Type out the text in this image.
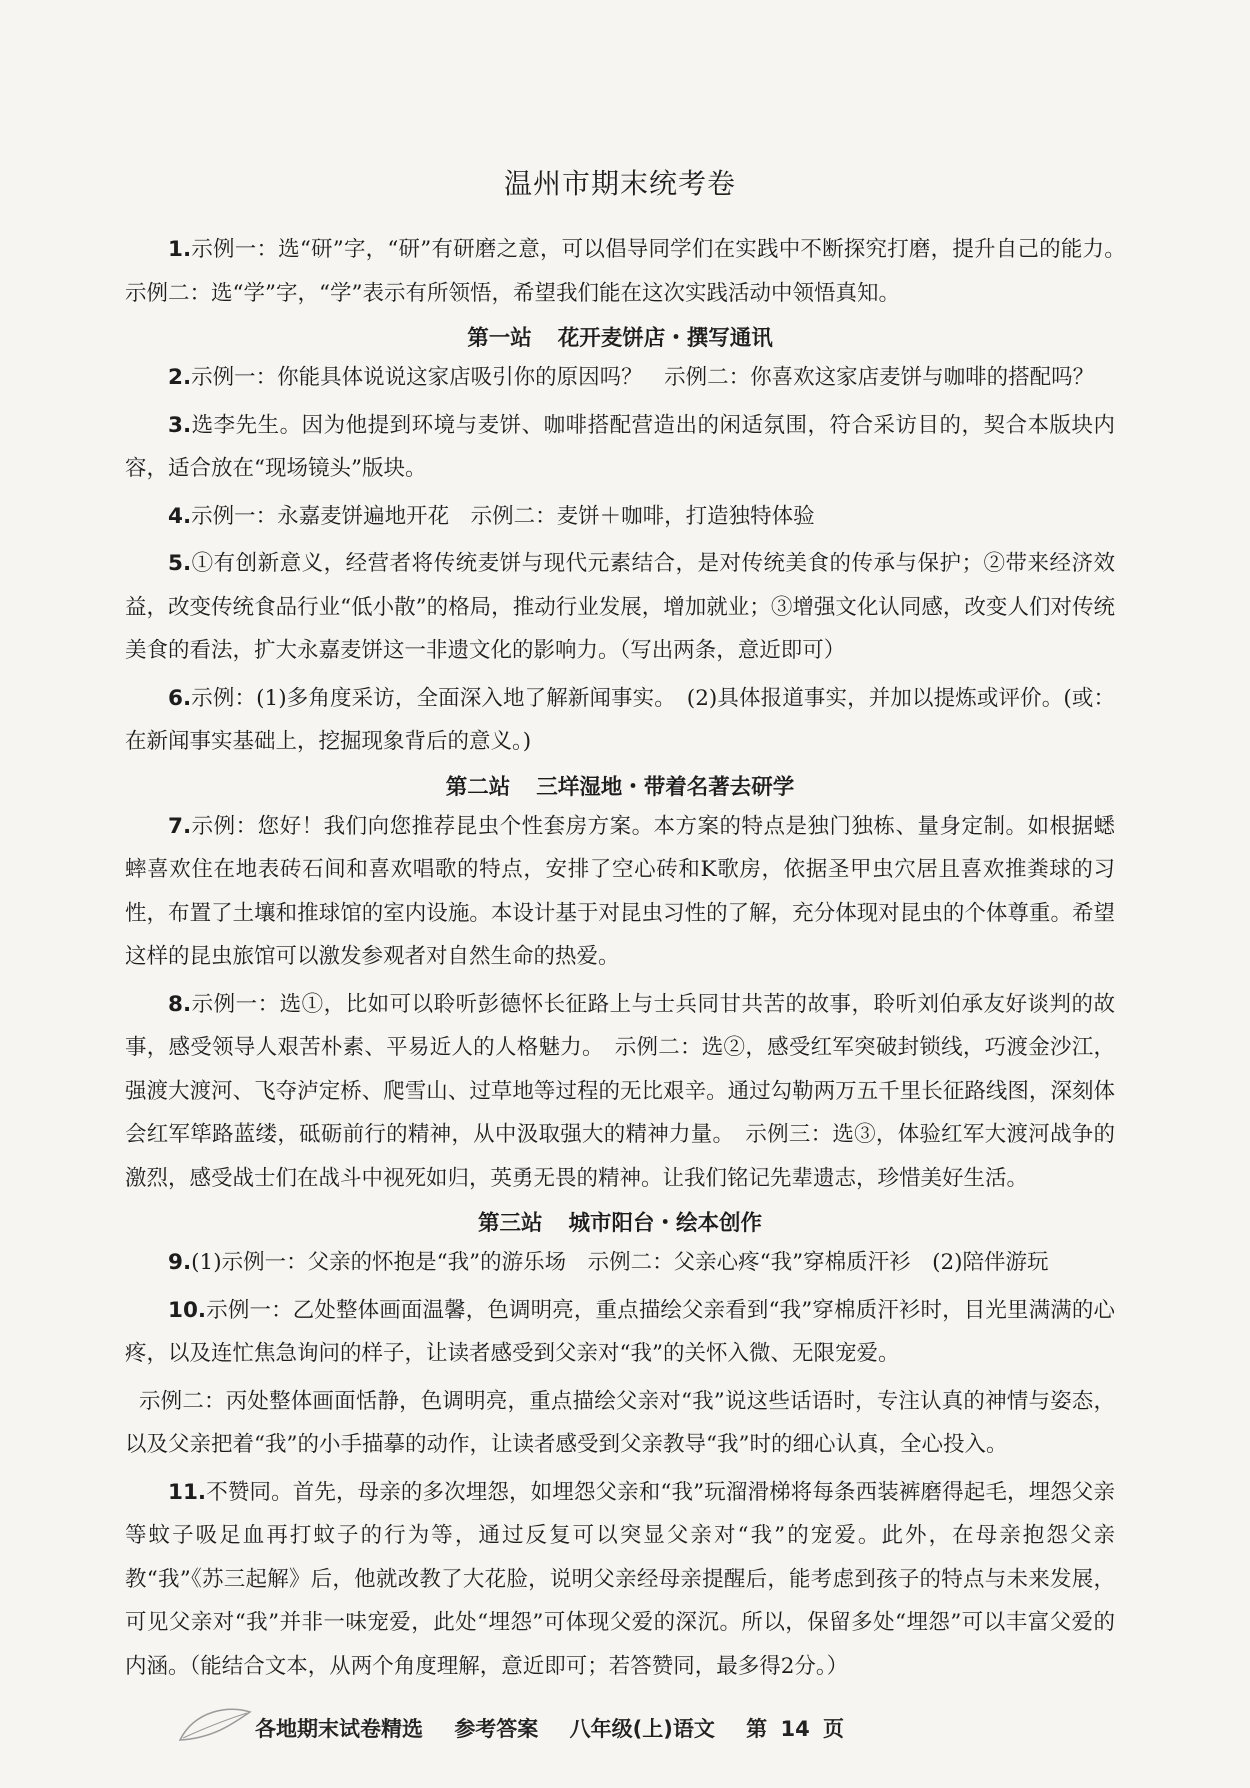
温州市期末统考卷

1.示例一：选“研”字，“研”有研磨之意，可以倡导同学们在实践中不断探究打磨，提升自己的能力。　示例二：选“学”字，“学”表示有所领悟，希望我们能在这次实践活动中领悟真知。

第一站 花开麦饼店・撰写通讯

2.示例一：你能具体说说这家店吸引你的原因吗？　示例二：你喜欢这家店麦饼与咖啡的搭配吗？

3.选李先生。因为他提到环境与麦饼、咖啡搭配营造出的闲适氛围，符合采访目的，契合本版块内容，适合放在“现场镜头”版块。

4.示例一：永嘉麦饼遍地开花　示例二：麦饼＋咖啡，打造独特体验

5.①有创新意义，经营者将传统麦饼与现代元素结合，是对传统美食的传承与保护；②带来经济效益，改变传统食品行业“低小散”的格局，推动行业发展，增加就业；③增强文化认同感，改变人们对传统美食的看法，扩大永嘉麦饼这一非遗文化的影响力。（写出两条，意近即可）

6.示例：(1)多角度采访，全面深入地了解新闻事实。　(2)具体报道事实，并加以提炼或评价。(或：在新闻事实基础上，挖掘现象背后的意义。)

第二站 三垟湿地・带着名著去研学

7.示例：您好！我们向您推荐昆虫个性套房方案。本方案的特点是独门独栋、量身定制。如根据蟋蟀喜欢住在地表砖石间和喜欢唱歌的特点，安排了空心砖和K歌房，依据圣甲虫穴居且喜欢推粪球的习性，布置了土壤和推球馆的室内设施。本设计基于对昆虫习性的了解，充分体现对昆虫的个体尊重。希望这样的昆虫旅馆可以激发参观者对自然生命的热爱。

8.示例一：选①，比如可以聆听彭德怀长征路上与士兵同甘共苦的故事，聆听刘伯承友好谈判的故事，感受领导人艰苦朴素、平易近人的人格魅力。　示例二：选②，感受红军突破封锁线，巧渡金沙江，强渡大渡河、飞夺泸定桥、爬雪山、过草地等过程的无比艰辛。通过勾勒两万五千里长征路线图，深刻体会红军筚路蓝缕，砥砺前行的精神，从中汲取强大的精神力量。　示例三：选③，体验红军大渡河战争的激烈，感受战士们在战斗中视死如归，英勇无畏的精神。让我们铭记先辈遗志，珍惜美好生活。

第三站 城市阳台・绘本创作

9.(1)示例一：父亲的怀抱是“我”的游乐场　示例二：父亲心疼“我”穿棉质汗衫　(2)陪伴游玩

10.示例一：乙处整体画面温馨，色调明亮，重点描绘父亲看到“我”穿棉质汗衫时，目光里满满的心疼，以及连忙焦急询问的样子，让读者感受到父亲对“我”的关怀入微、无限宠爱。

示例二：丙处整体画面恬静，色调明亮，重点描绘父亲对“我”说这些话语时，专注认真的神情与姿态，以及父亲把着“我”的小手描摹的动作，让读者感受到父亲教导“我”时的细心认真，全心投入。

11.不赞同。首先，母亲的多次埋怨，如埋怨父亲和“我”玩溜滑梯将每条西装裤磨得起毛，埋怨父亲等蚊子吸足血再打蚊子的行为等，通过反复可以突显父亲对“我”的宠爱。此外，在母亲抱怨父亲教“我”《苏三起解》后，他就改教了大花脸，说明父亲经母亲提醒后，能考虑到孩子的特点与未来发展，可见父亲对“我”并非一味宠爱，此处“埋怨”可体现父爱的深沉。所以，保留多处“埋怨”可以丰富父爱的内涵。（能结合文本，从两个角度理解，意近即可；若答赞同，最多得2分。）

各地期末试卷精选 参考答案 八年级(上)语文 第 14 页
